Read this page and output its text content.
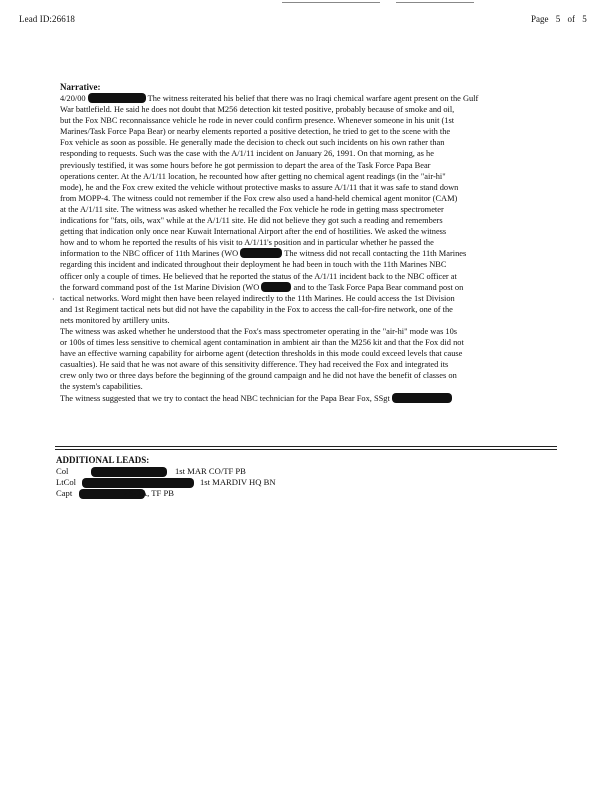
Lead ID:26618	Page 5 of 5
Narrative:
4/20/00	The witness reiterated his belief that there was no Iraqi chemical warfare agent present on the Gulf
War battlefield. He said he does not doubt that M256 detection kit tested positive, probably because of smoke and oil,
but the Fox NBC reconnaissance vehicle he rode in never could confirm presence. Whenever someone in his unit (1st
Marines/Task Force Papa Bear) or nearby elements reported a positive detection, he tried to get to the scene with the
Fox vehicle as soon as possible. He generally made the decision to check out such incidents on his own rather than
responding to requests. Such was the case with the A/1/11 incident on January 26, 1991. On that morning, as he
previously testified, it was some hours before he got permission to depart the area of the Task Force Papa Bear
operations center. At the A/1/11 location, he recounted how after getting no chemical agent readings (in the "air-hi"
mode), he and the Fox crew exited the vehicle without protective masks to assure A/1/11 that it was safe to stand down
from MOPP-4. The witness could not remember if the Fox crew also used a hand-held chemical agent monitor (CAM)
at the A/1/11 site. The witness was asked whether he recalled the Fox vehicle he rode in getting mass spectrometer
indications for "fats, oils, wax" while at the A/1/11 site. He did not believe they got such a reading and remembers
getting that indication only once near Kuwait International Airport after the end of hostilities. We asked the witness
how and to whom he reported the results of his visit to A/1/11's position and in particular whether he passed the
information to the NBC officer of 11th Marines (WO	The witness did not recall contacting the 11th Marines
regarding this incident and indicated throughout their deployment he had been in touch with the 11th Marines NBC
officer only a couple of times. He believed that he reported the status of the A/1/11 incident back to the NBC officer at
the forward command post of the 1st Marine Division (WO	and to the Task Force Papa Bear command post on
tactical networks. Word might then have been relayed indirectly to the 11th Marines. He could access the 1st Division
and 1st Regiment tactical nets but did not have the capability in the Fox to access the call-for-fire network, one of the
nets monitored by artillery units.
The witness was asked whether he understood that the Fox's mass spectrometer operating in the "air-hi" mode was 10s
or 100s of times less sensitive to chemical agent contamination in ambient air than the M256 kit and that the Fox did not
have an effective warning capability for airborne agent (detection thresholds in this mode could exceed levels that cause
casualties). He said that he was not aware of this sensitivity difference. They had received the Fox and integrated its
crew only two or three days before the beginning of the ground campaign and he did not have the benefit of classes on
the system's capabilities.
The witness suggested that we try to contact the head NBC technician for the Papa Bear Fox, SSgt
·
ADDITIONAL LEADS:
Col	1st MAR CO/TF PB
LtCol	1st MARDIV HQ BN
Capt	- S-3A, TF PB
